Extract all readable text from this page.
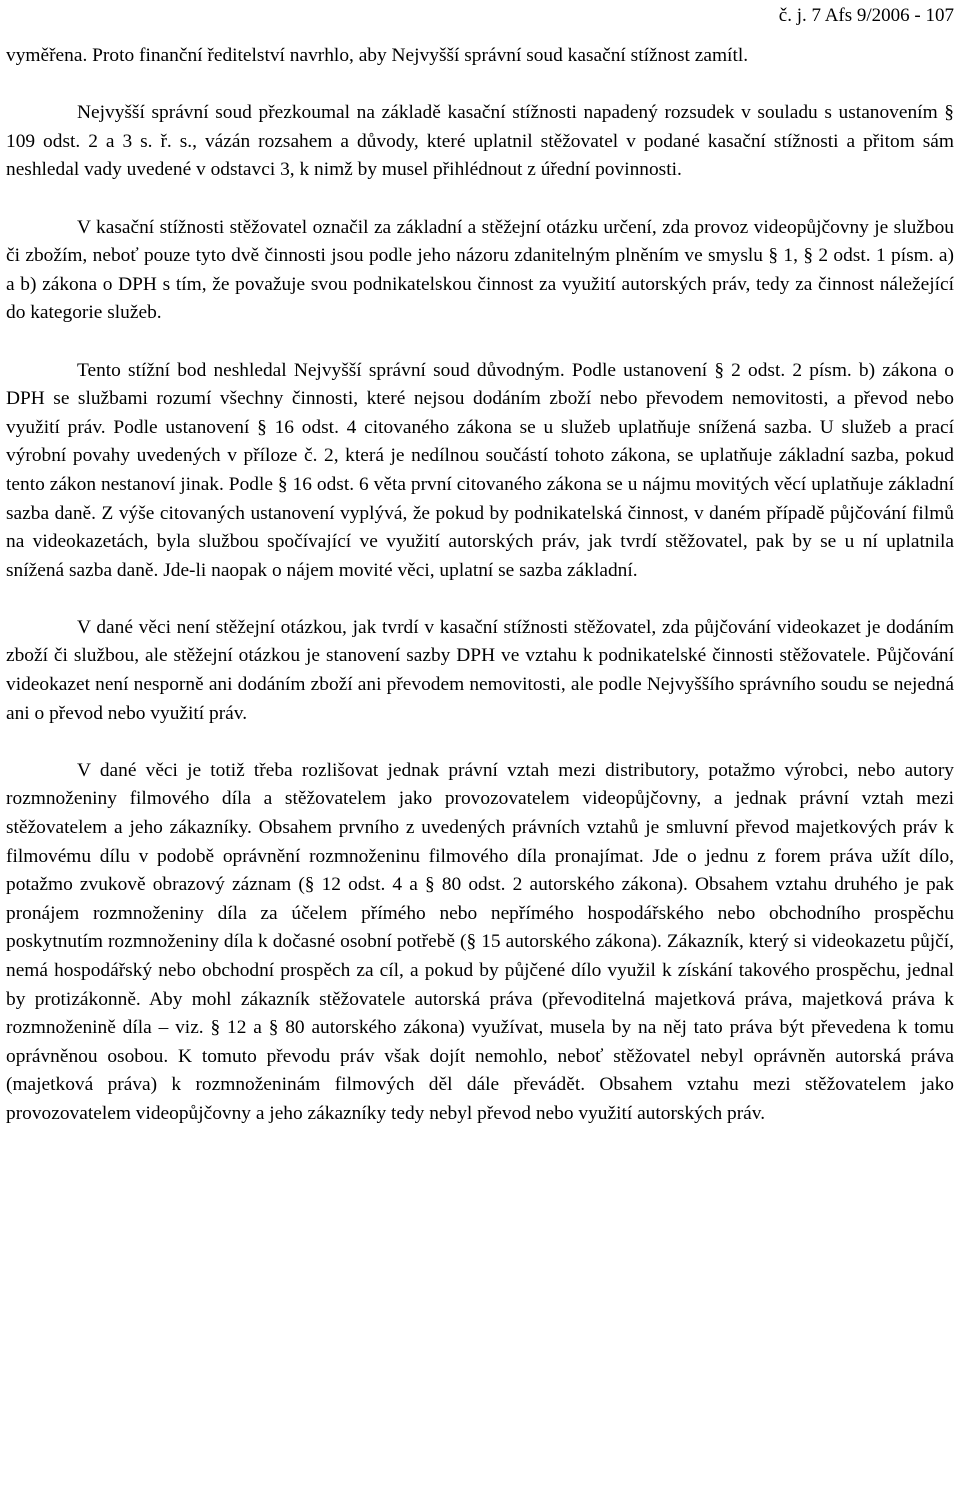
č. j. 7 Afs 9/2006 - 107

vyměřena. Proto finanční ředitelství navrhlo, aby Nejvyšší správní soud kasační stížnost zamítl.

Nejvyšší správní soud přezkoumal na základě kasační stížnosti napadený rozsudek v souladu s ustanovením § 109 odst. 2 a 3 s. ř. s., vázán rozsahem a důvody, které uplatnil stěžovatel v podané kasační stížnosti a přitom sám neshledal vady uvedené v odstavci 3, k nimž by musel přihlédnout z úřední povinnosti.

V kasační stížnosti stěžovatel označil za základní a stěžejní otázku určení, zda provoz videopůjčovny je službou či zbožím, neboť pouze tyto dvě činnosti jsou podle jeho názoru zdanitelným plněním ve smyslu § 1, § 2 odst. 1 písm. a) a b) zákona o DPH s tím, že považuje svou podnikatelskou činnost za využití autorských práv, tedy za činnost náležející do kategorie služeb.

Tento stížní bod neshledal Nejvyšší správní soud důvodným. Podle ustanovení § 2 odst. 2 písm. b) zákona o DPH se službami rozumí všechny činnosti, které nejsou dodáním zboží nebo převodem nemovitosti, a převod nebo využití práv. Podle ustanovení § 16 odst. 4 citovaného zákona se u služeb uplatňuje snížená sazba. U služeb a prací výrobní povahy uvedených v příloze č. 2, která je nedílnou součástí tohoto zákona, se uplatňuje základní sazba, pokud tento zákon nestanoví jinak. Podle § 16 odst. 6 věta první citovaného zákona se u nájmu movitých věcí uplatňuje základní sazba daně. Z výše citovaných ustanovení vyplývá, že pokud by podnikatelská činnost, v daném případě půjčování filmů na videokazetách, byla službou spočívající ve využití autorských práv, jak tvrdí stěžovatel, pak by se u ní uplatnila snížená sazba daně. Jde-li naopak o nájem movité věci, uplatní se sazba základní.

V dané věci není stěžejní otázkou, jak tvrdí v kasační stížnosti stěžovatel, zda půjčování videokazet je dodáním zboží či službou, ale stěžejní otázkou je stanovení sazby DPH ve vztahu k podnikatelské činnosti stěžovatele. Půjčování videokazet není nesporně ani dodáním zboží ani převodem nemovitosti, ale podle Nejvyššího správního soudu se nejedná ani o převod nebo využití práv.

V dané věci je totiž třeba rozlišovat jednak právní vztah mezi distributory, potažmo výrobci, nebo autory rozmnoženiny filmového díla a stěžovatelem jako provozovatelem videopůjčovny, a jednak právní vztah mezi stěžovatelem a jeho zákazníky. Obsahem prvního z uvedených právních vztahů je smluvní převod majetkových práv k filmovému dílu v podobě oprávnění rozmnoženinu filmového díla pronajímat. Jde o jednu z forem práva užít dílo, potažmo zvukově obrazový záznam (§ 12 odst. 4 a § 80 odst. 2 autorského zákona). Obsahem vztahu druhého je pak pronájem rozmnoženiny díla za účelem přímého nebo nepřímého hospodářského nebo obchodního prospěchu poskytnutím rozmnoženiny díla k dočasné osobní potřebě (§ 15 autorského zákona). Zákazník, který si videokazetu půjčí, nemá hospodářský nebo obchodní prospěch za cíl, a pokud by půjčené dílo využil k získání takového prospěchu, jednal by protizákonně. Aby mohl zákazník stěžovatele autorská práva (převoditelná majetková práva, majetková práva k rozmnoženině díla – viz. § 12 a § 80 autorského zákona) využívat, musela by na něj tato práva být převedena k tomu oprávněnou osobou. K tomuto převodu práv však dojít nemohlo, neboť stěžovatel nebyl oprávněn autorská práva (majetková práva) k rozmnoženinám filmových děl dále převádět. Obsahem vztahu mezi stěžovatelem jako provozovatelem videopůjčovny a jeho zákazníky tedy nebyl převod nebo využití autorských práv.
